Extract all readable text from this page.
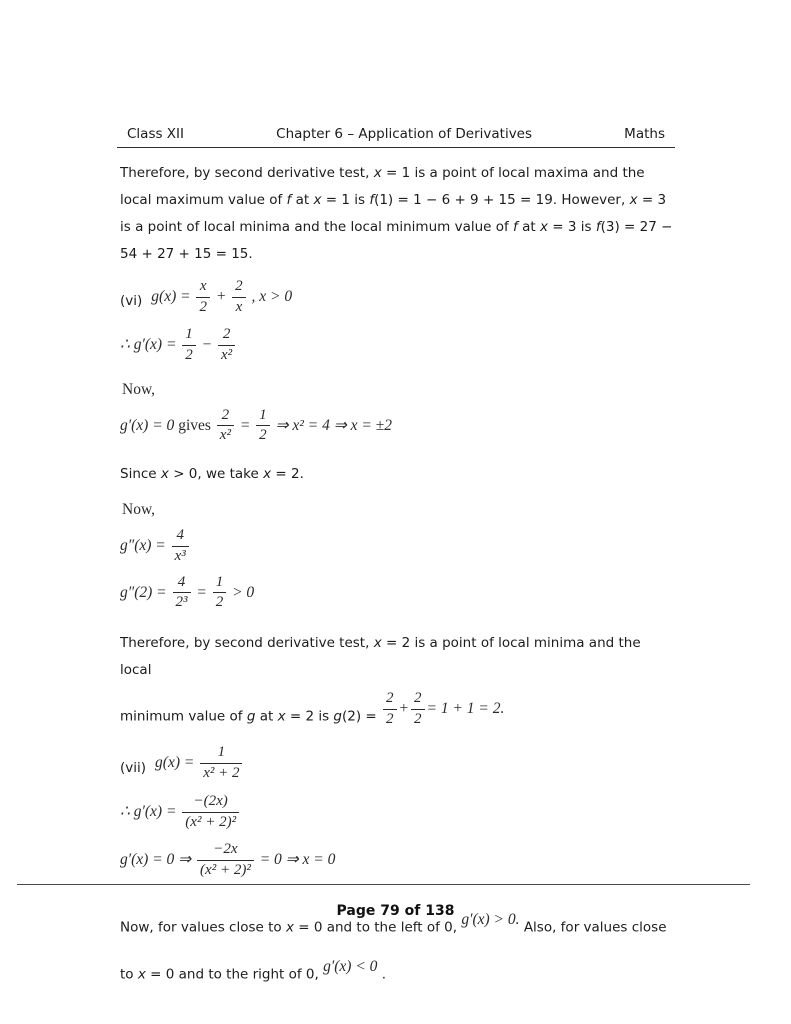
Class XII	Chapter 6 – Application of Derivatives	Maths

Therefore, by second derivative test, x = 1 is a point of local maxima and the local maximum value of f at x = 1 is f(1) = 1 − 6 + 9 + 15 = 19. However, x = 3 is a point of local minima and the local minimum value of f at x = 3 is f(3) = 27 − 54 + 27 + 15 = 15.

(vi) $g(x) = \frac{x}{2} + \frac{2}{x}$ , x > 0
∴ $g'(x) = \frac{1}{2} - \frac{2}{\text{x²}}$
Now,
g′(x) = 0 gives $\frac{2}{\text{x²}} = \frac{1}{2}$ ⇒ x² = 4 ⇒ x = ±2

Since x > 0, we take x = 2.

Now,
$g''(x) = \frac{4}{\text{x³}}$
$g''(2) = \frac{4}{\text{2³}} = \frac{1}{2} > 0$

Therefore, by second derivative test, x = 2 is a point of local minima and the local

minimum value of g at x = 2 is $g(2) = \frac{2}{2} + \frac{2}{2} = 1 + 1 = 2$.

(vii) $g(x) = \frac{1}{\text{x² + 2}}$
∴ $g'(x) = \frac{-(2x)}{\text{(x² + 2)²}}$
g′(x) = 0 ⇒ $\frac{-2x}{\text{(x² + 2)²}} = 0$ ⇒ x = 0

Now, for values close to x = 0 and to the left of 0, g′(x) > 0. Also, for values close to x = 0 and to the right of 0, g′(x) < 0 .

Page 79 of 138
